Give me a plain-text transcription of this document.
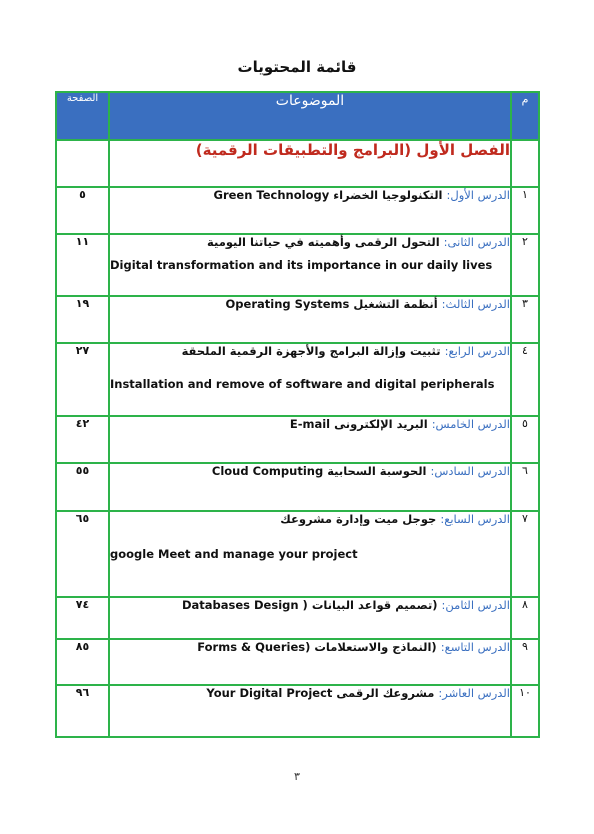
قائمة المحتويات
م	الموضوعات	الصفحة
	الفصل الأول (البرامج والتطبيقات الرقمية)	
١	الدرس الأول: التكنولوجيا الخضراء Green Technology	٥
٢	الدرس الثانى: التحول الرقمى وأهميته في حياتنا اليومية
Digital transformation and its importance in our daily lives	١١
٣	الدرس الثالث: أنظمة التشغيل Operating Systems	١٩
٤	الدرس الرابع: تثبيت وإزالة البرامج والأجهزة الرقمية الملحقة
Installation and remove of software and digital peripherals	٢٧
٥	الدرس الخامس: البريد الإلكترونى E-mail	٤٢
٦	الدرس السادس: الحوسبة السحابية Cloud Computing	٥٥
٧	الدرس السابع: جوجل ميت وإدارة مشروعك
google Meet and manage your project	٦٥
٨	الدرس الثامن: (تصميم قواعد البيانات Databases Design )	٧٤
٩	الدرس التاسع: (النماذج والاستعلامات Forms & Queries)	٨٥
١٠	الدرس العاشر: مشروعك الرقمى Your Digital Project	٩٦
٣
